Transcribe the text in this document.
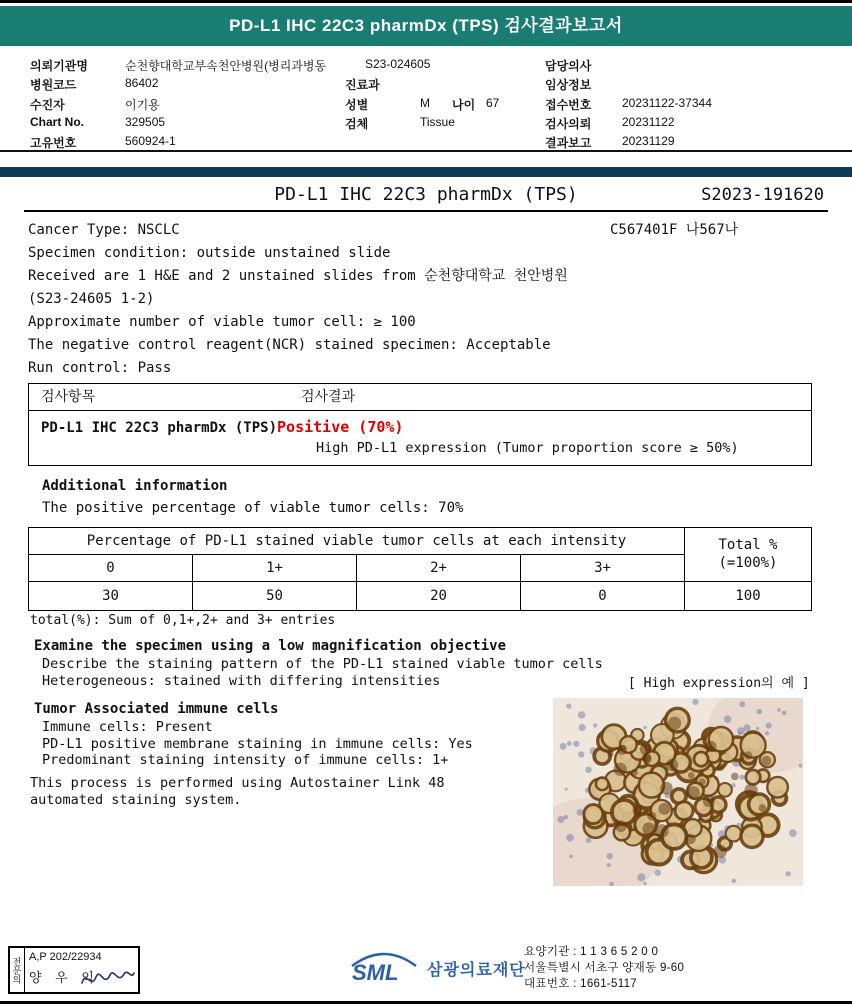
PD-L1 IHC 22C3 pharmDx (TPS) 검사결과보고서
의뢰기관명	순천향대학교부속천안병원(병리과병동	S23-024605	담당의사
병원코드	86402	진료과	임상정보
수진자	이기용	성별	M 나이 67	접수번호	20231122-37344
Chart No.	329505	검체	Tissue	검사의뢰	20231122
고유번호	560924-1	결과보고	20231129
PD-L1 IHC 22C3 pharmDx (TPS)	S2023-191620
Cancer Type: NSCLC	C567401F 나567나
Specimen condition: outside unstained slide
Received are 1 H&E and 2 unstained slides from 순천향대학교 천안병원
(S23-24605 1-2)
Approximate number of viable tumor cell: ≥ 100
The negative control reagent(NCR) stained specimen: Acceptable
Run control: Pass
검사항목	검사결과
PD-L1 IHC 22C3 pharmDx (TPS)Positive (70%)
High PD-L1 expression (Tumor proportion score ≥ 50%)
Additional information
The positive percentage of viable tumor cells: 70%
Percentage of PD-L1 stained viable tumor cells at each intensity	Total %
(=100%)
0	1+	2+	3+
30	50	20	0	100
total(%): Sum of 0,1+,2+ and 3+ entries
Examine the specimen using a low magnification objective
Describe the staining pattern of the PD-L1 stained viable tumor cells
Heterogeneous: stained with differing intensities	[ High expression의 예 ]
Tumor Associated immune cells
Immune cells: Present
PD-L1 positive membrane staining in immune cells: Yes
Predominant staining intensity of immune cells: 1+
This process is performed using Autostainer Link 48
automated staining system.
전문의 A,P 202/22934
양 우 익	SML 삼광의료재단
요양기관 : 1 1 3 6 5 2 0 0
서울특별시 서초구 양재동 9-60
대표번호 : 1661-5117
